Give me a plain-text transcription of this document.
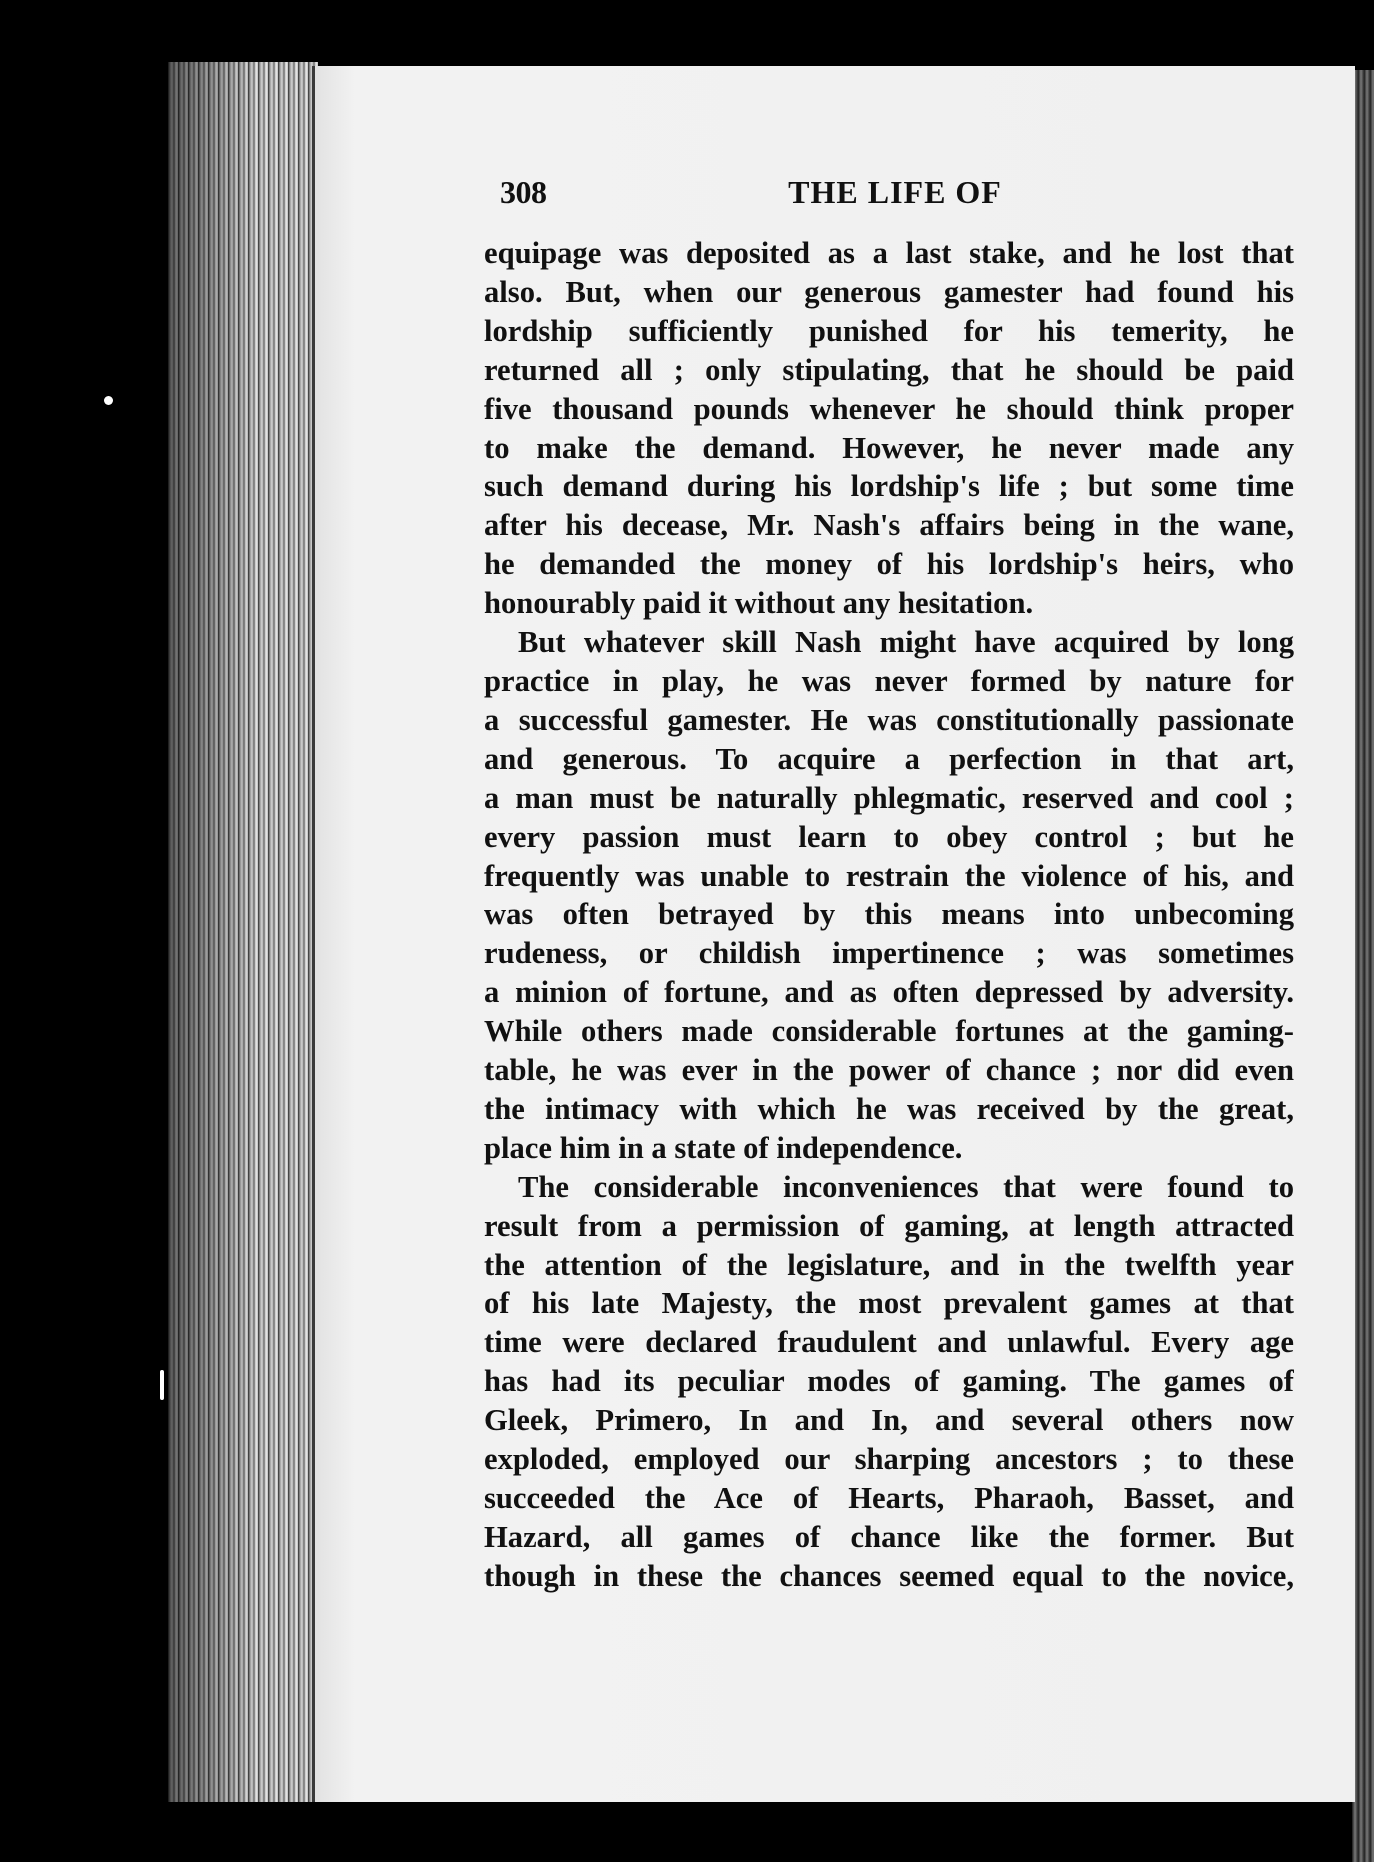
308	THE LIFE OF
equipage was deposited as a last stake, and he lost that
also. But, when our generous gamester had found his
lordship sufficiently punished for his temerity, he
returned all ; only stipulating, that he should be paid
five thousand pounds whenever he should think proper
to make the demand. However, he never made any
such demand during his lordship's life ; but some time
after his decease, Mr. Nash's affairs being in the wane,
he demanded the money of his lordship's heirs, who
honourably paid it without any hesitation.
But whatever skill Nash might have acquired by long
practice in play, he was never formed by nature for
a successful gamester. He was constitutionally passionate
and generous. To acquire a perfection in that art,
a man must be naturally phlegmatic, reserved and cool ;
every passion must learn to obey control ; but he
frequently was unable to restrain the violence of his, and
was often betrayed by this means into unbecoming
rudeness, or childish impertinence ; was sometimes
a minion of fortune, and as often depressed by adversity.
While others made considerable fortunes at the gaming-
table, he was ever in the power of chance ; nor did even
the intimacy with which he was received by the great,
place him in a state of independence.
The considerable inconveniences that were found to
result from a permission of gaming, at length attracted
the attention of the legislature, and in the twelfth year
of his late Majesty, the most prevalent games at that
time were declared fraudulent and unlawful. Every age
has had its peculiar modes of gaming. The games of
Gleek, Primero, In and In, and several others now
exploded, employed our sharping ancestors ; to these
succeeded the Ace of Hearts, Pharaoh, Basset, and
Hazard, all games of chance like the former. But
though in these the chances seemed equal to the novice,
